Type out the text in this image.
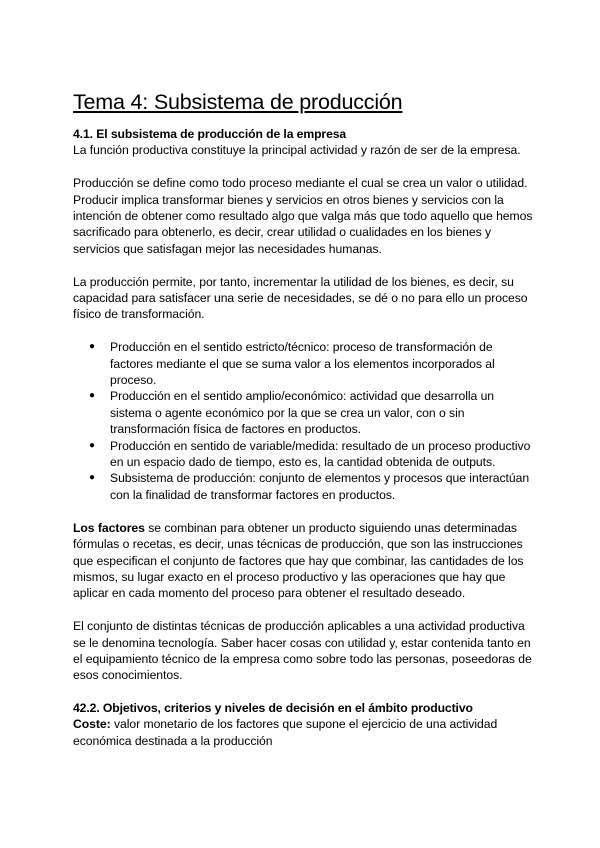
Tema 4: Subsistema de producción
4.1. El subsistema de producción de la empresa

La función productiva constituye la principal actividad y razón de ser de la empresa.

Producción se define como todo proceso mediante el cual se crea un valor o utilidad. Producir implica transformar bienes y servicios en otros bienes y servicios con la intención de obtener como resultado algo que valga más que todo aquello que hemos sacrificado para obtenerlo, es decir, crear utilidad o cualidades en los bienes y servicios que satisfagan mejor las necesidades humanas.

La producción permite, por tanto, incrementar la utilidad de los bienes, es decir, su capacidad para satisfacer una serie de necesidades, se dé o no para ello un proceso físico de transformación.

● Producción en el sentido estricto/técnico: proceso de transformación de factores mediante el que se suma valor a los elementos incorporados al proceso.
● Producción en el sentido amplio/económico: actividad que desarrolla un sistema o agente económico por la que se crea un valor, con o sin transformación física de factores en productos.
● Producción en sentido de variable/medida: resultado de un proceso productivo en un espacio dado de tiempo, esto es, la cantidad obtenida de outputs.
● Subsistema de producción: conjunto de elementos y procesos que interactúan con la finalidad de transformar factores en productos.

Los factores se combinan para obtener un producto siguiendo unas determinadas fórmulas o recetas, es decir, unas técnicas de producción, que son las instrucciones que especifican el conjunto de factores que hay que combinar, las cantidades de los mismos, su lugar exacto en el proceso productivo y las operaciones que hay que aplicar en cada momento del proceso para obtener el resultado deseado.

El conjunto de distintas técnicas de producción aplicables a una actividad productiva se le denomina tecnología. Saber hacer cosas con utilidad y, estar contenida tanto en el equipamiento técnico de la empresa como sobre todo las personas, poseedoras de esos conocimientos.

42.2. Objetivos, criterios y niveles de decisión en el ámbito productivo

Coste: valor monetario de los factores que supone el ejercicio de una actividad económica destinada a la producción
